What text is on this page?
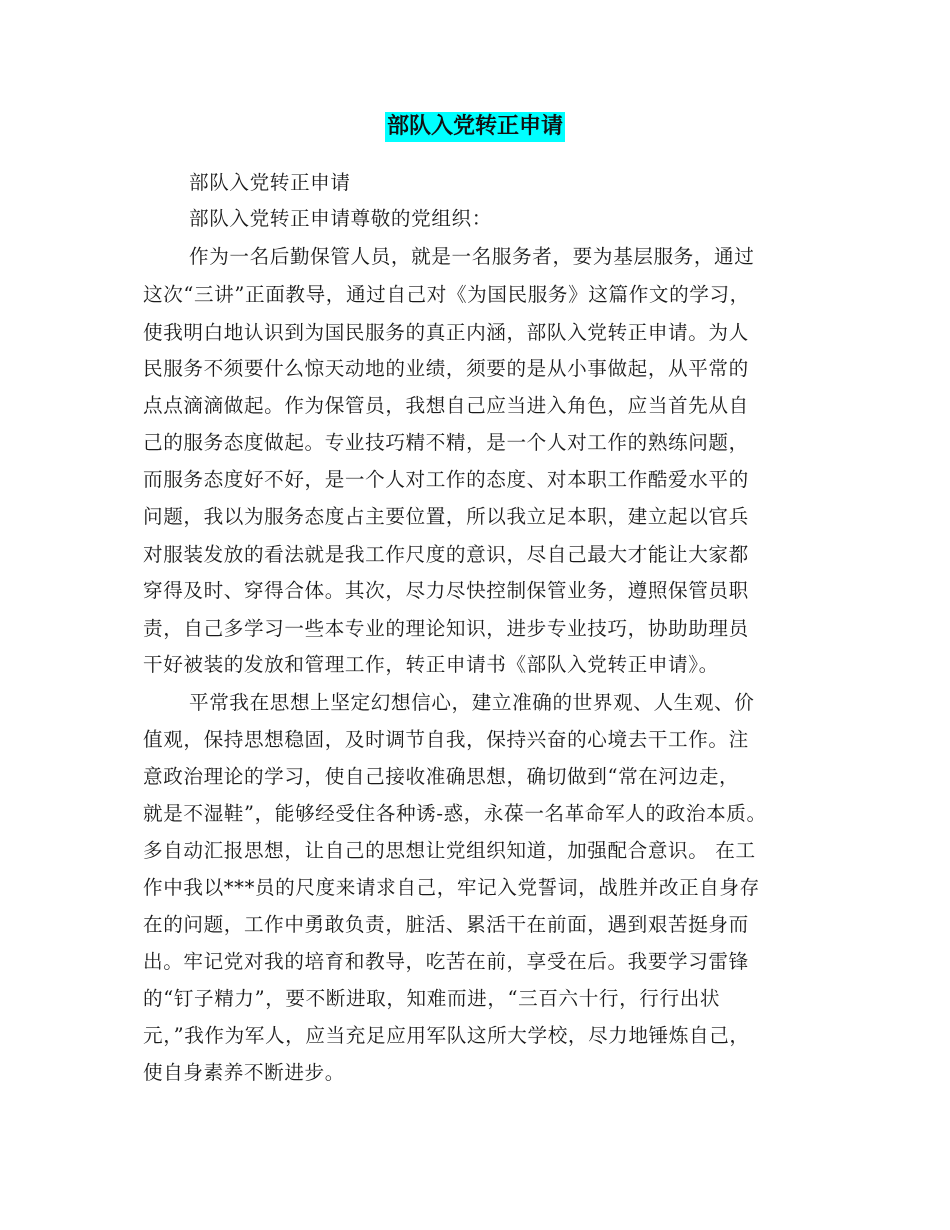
部队入党转正申请
部队入党转正申请
部队入党转正申请尊敬的党组织：
作为一名后勤保管人员，就是一名服务者，要为基层服务，通过
这次“三讲”正面教导，通过自己对《为国民服务》这篇作文的学习，
使我明白地认识到为国民服务的真正内涵，部队入党转正申请。为人
民服务不须要什么惊天动地的业绩，须要的是从小事做起，从平常的
点点滴滴做起。作为保管员，我想自己应当进入角色，应当首先从自
己的服务态度做起。专业技巧精不精，是一个人对工作的熟练问题，
而服务态度好不好，是一个人对工作的态度、对本职工作酷爱水平的
问题，我以为服务态度占主要位置，所以我立足本职，建立起以官兵
对服装发放的看法就是我工作尺度的意识，尽自己最大才能让大家都
穿得及时、穿得合体。其次，尽力尽快控制保管业务，遵照保管员职
责，自己多学习一些本专业的理论知识，进步专业技巧，协助助理员
干好被装的发放和管理工作，转正申请书《部队入党转正申请》。
平常我在思想上坚定幻想信心，建立准确的世界观、人生观、价
值观，保持思想稳固，及时调节自我，保持兴奋的心境去干工作。注
意政治理论的学习，使自己接收准确思想，确切做到“常在河边走，
就是不湿鞋”，能够经受住各种诱-惑，永葆一名革命军人的政治本质。
多自动汇报思想，让自己的思想让党组织知道，加强配合意识。 在工
作中我以***员的尺度来请求自己，牢记入党誓词，战胜并改正自身存
在的问题，工作中勇敢负责，脏活、累活干在前面，遇到艰苦挺身而
出。牢记党对我的培育和教导，吃苦在前，享受在后。我要学习雷锋
的“钉子精力”，要不断进取，知难而进，“三百六十行，行行出状
元，”我作为军人，应当充足应用军队这所大学校，尽力地锤炼自己，
使自身素养不断进步。
